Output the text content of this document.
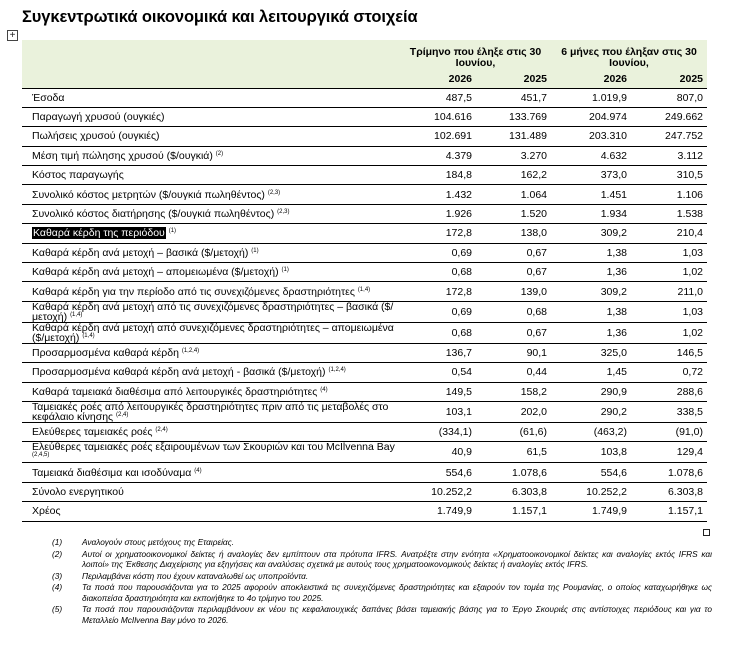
Συγκεντρωτικά οικονομικά και λειτουργικά στοιχεία
+
	Τρίμηνο που έληξε στις 30 Ιουνίου,		6 μήνες που έληξαν στις 30 Ιουνίου,	
	2026	2025	2026	2025
Έσοδα	487,5	451,7	1.019,9	807,0
Παραγωγή χρυσού (ουγκιές)	104.616	133.769	204.974	249.662
Πωλήσεις χρυσού (ουγκιές)	102.691	131.489	203.310	247.752
Μέση τιμή πώλησης χρυσού ($/ουγκιά) $^{(2)}$	4.379	3.270	4.632	3.112
Κόστος παραγωγής	184,8	162,2	373,0	310,5
Συνολικό κόστος μετρητών ($/ουγκιά πωληθέντος) $^{(2,3)}$	1.432	1.064	1.451	1.106
Συνολικό κόστος διατήρησης ($/ουγκιά πωληθέντος) $^{(2,3)}$	1.926	1.520	1.934	1.538
Καθαρά κέρδη της περιόδου $^{(1)}$	172,8	138,0	309,2	210,4
Καθαρά κέρδη ανά μετοχή – βασικά ($/μετοχή) $^{(1)}$	0,69	0,67	1,38	1,03
Καθαρά κέρδη ανά μετοχή – απομειωμένα ($/μετοχή) $^{(1)}$	0,68	0,67	1,36	1,02
Καθαρά κέρδη για την περίοδο από τις συνεχιζόμενες δραστηριότητες $^{(1,4)}$	172,8	139,0	309,2	211,0
Καθαρά κέρδη ανά μετοχή από τις συνεχιζόμενες δραστηριότητες – βασικά ($/μετοχή) $^{(1,4)}$	0,69	0,68	1,38	1,03
Καθαρά κέρδη ανά μετοχή από συνεχιζόμενες δραστηριότητες – απομειωμένα ($/μετοχή) $^{(1,4)}$	0,68	0,67	1,36	1,02
Προσαρμοσμένα καθαρά κέρδη $^{(1,2,4)}$	136,7	90,1	325,0	146,5
Προσαρμοσμένα καθαρά κέρδη ανά μετοχή - βασικά ($/μετοχή) $^{(1,2,4)}$	0,54	0,44	1,45	0,72
Καθαρά ταμειακά διαθέσιμα από λειτουργικές δραστηριότητες $^{(4)}$	149,5	158,2	290,9	288,6
Ταμειακές ροές από λειτουργικές δραστηριότητες πριν από τις μεταβολές στο κεφάλαιο κίνησης $^{(2,4)}$	103,1	202,0	290,2	338,5
Ελεύθερες ταμειακές ροές $^{(2,4)}$	(334,1)	(61,6)	(463,2)	(91,0)
Ελεύθερες ταμειακές ροές εξαιρουμένων των Σκουριών και του McIlvenna Bay $^{(2,4,5)}$	40,9	61,5	103,8	129,4
Ταμειακά διαθέσιμα και ισοδύναμα $^{(4)}$	554,6	1.078,6	554,6	1.078,6
Σύνολο ενεργητικού	10.252,2	6.303,8	10.252,2	6.303,8
Χρέος	1.749,9	1.157,1	1.749,9	1.157,1
(1) Αναλογούν στους μετόχους της Εταιρείας.
(2) Αυτοί οι χρηματοοικονομικοί δείκτες ή αναλογίες δεν εμπίπτουν στα πρότυπα IFRS. Ανατρέξτε στην ενότητα «Χρηματοοικονομικοί δείκτες και αναλογίες εκτός IFRS και λοιποί» της Έκθεσης Διαχείρισης για εξηγήσεις και αναλύσεις σχετικά με αυτούς τους χρηματοοικονομικούς δείκτες ή αναλογίες εκτός IFRS.
(3) Περιλαμβάνει κόστη που έχουν καταναλωθεί ως υποπροϊόντα.
(4) Τα ποσά που παρουσιάζονται για το 2025 αφορούν αποκλειστικά τις συνεχιζόμενες δραστηριότητες και εξαιρούν τον τομέα της Ρουμανίας, ο οποίος καταχωρήθηκε ως διακοπείσα δραστηριότητα και εκποιήθηκε το 4ο τρίμηνο του 2025.
(5) Τα ποσά που παρουσιάζονται περιλαμβάνουν εκ νέου τις κεφαλαιουχικές δαπάνες βάσει ταμειακής βάσης για το Έργο Σκουριές στις αντίστοιχες περιόδους και για το Μεταλλείο McIlvenna Bay μόνο το 2026.
